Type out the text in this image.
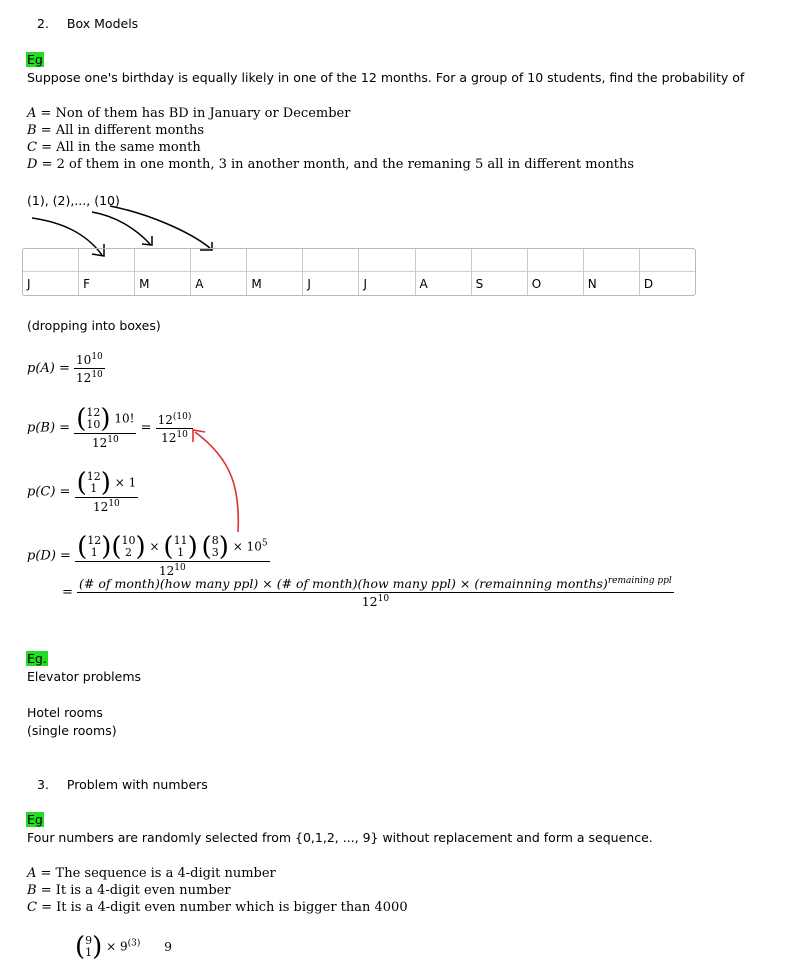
2. Box Models
Eg
Suppose one's birthday is equally likely in one of the 12 months. For a group of 10 students, find the probability of
A = Non of them has BD in January or December
B = All in different months
C = All in the same month
D = 2 of them in one month, 3 in another month, and the remaning 5 all in different months
(1), (2),..., (10)
J	F	M	A	M	J	J	A	S	O	N	D
(dropping into boxes)
$p(A) = \frac{10^{10}}{12^{10}}$
p(B) = (12
10) 10!
$12^{10}$
= $\frac{12^{(10)}}{12^{10}}$
p(C) = (12
1 ) × 1
$12^{10}$
p(D) = (12
1 )(10
2 ) × (11
1 ) (8
$3) \times 10^5$
$12^{10}$
=
(# of month)(how many ppl) × (# of month)(how many ppl) × (remainning months)$^{remaining ppl}$
$12^{10}$
Eg.
Elevator problems
Hotel rooms
(single rooms)
3. Problem with numbers
Eg
Four numbers are randomly selected from {0,1,2, ..., 9} without replacement and form a sequence.
A = The sequence is a 4-digit number
B = It is a 4-digit even number
C = It is a 4-digit even number which is bigger than 4000
(9
$1) \times 9^{(3)}$ 9
